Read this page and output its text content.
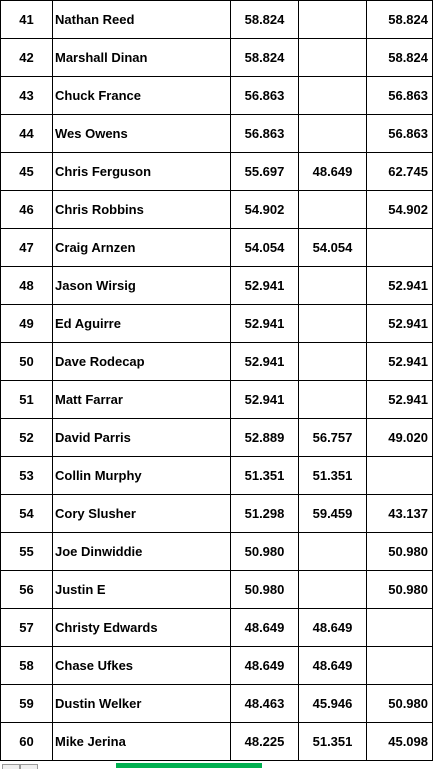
41	Nathan Reed	58.824		58.824
42	Marshall Dinan	58.824		58.824
43	Chuck France	56.863		56.863
44	Wes Owens	56.863		56.863
45	Chris Ferguson	55.697	48.649	62.745
46	Chris Robbins	54.902		54.902
47	Craig Arnzen	54.054	54.054	
48	Jason Wirsig	52.941		52.941
49	Ed Aguirre	52.941		52.941
50	Dave Rodecap	52.941		52.941
51	Matt Farrar	52.941		52.941
52	David Parris	52.889	56.757	49.020
53	Collin Murphy	51.351	51.351	
54	Cory Slusher	51.298	59.459	43.137
55	Joe Dinwiddie	50.980		50.980
56	Justin E	50.980		50.980
57	Christy Edwards	48.649	48.649	
58	Chase Ufkes	48.649	48.649	
59	Dustin Welker	48.463	45.946	50.980
60	Mike Jerina	48.225	51.351	45.098
